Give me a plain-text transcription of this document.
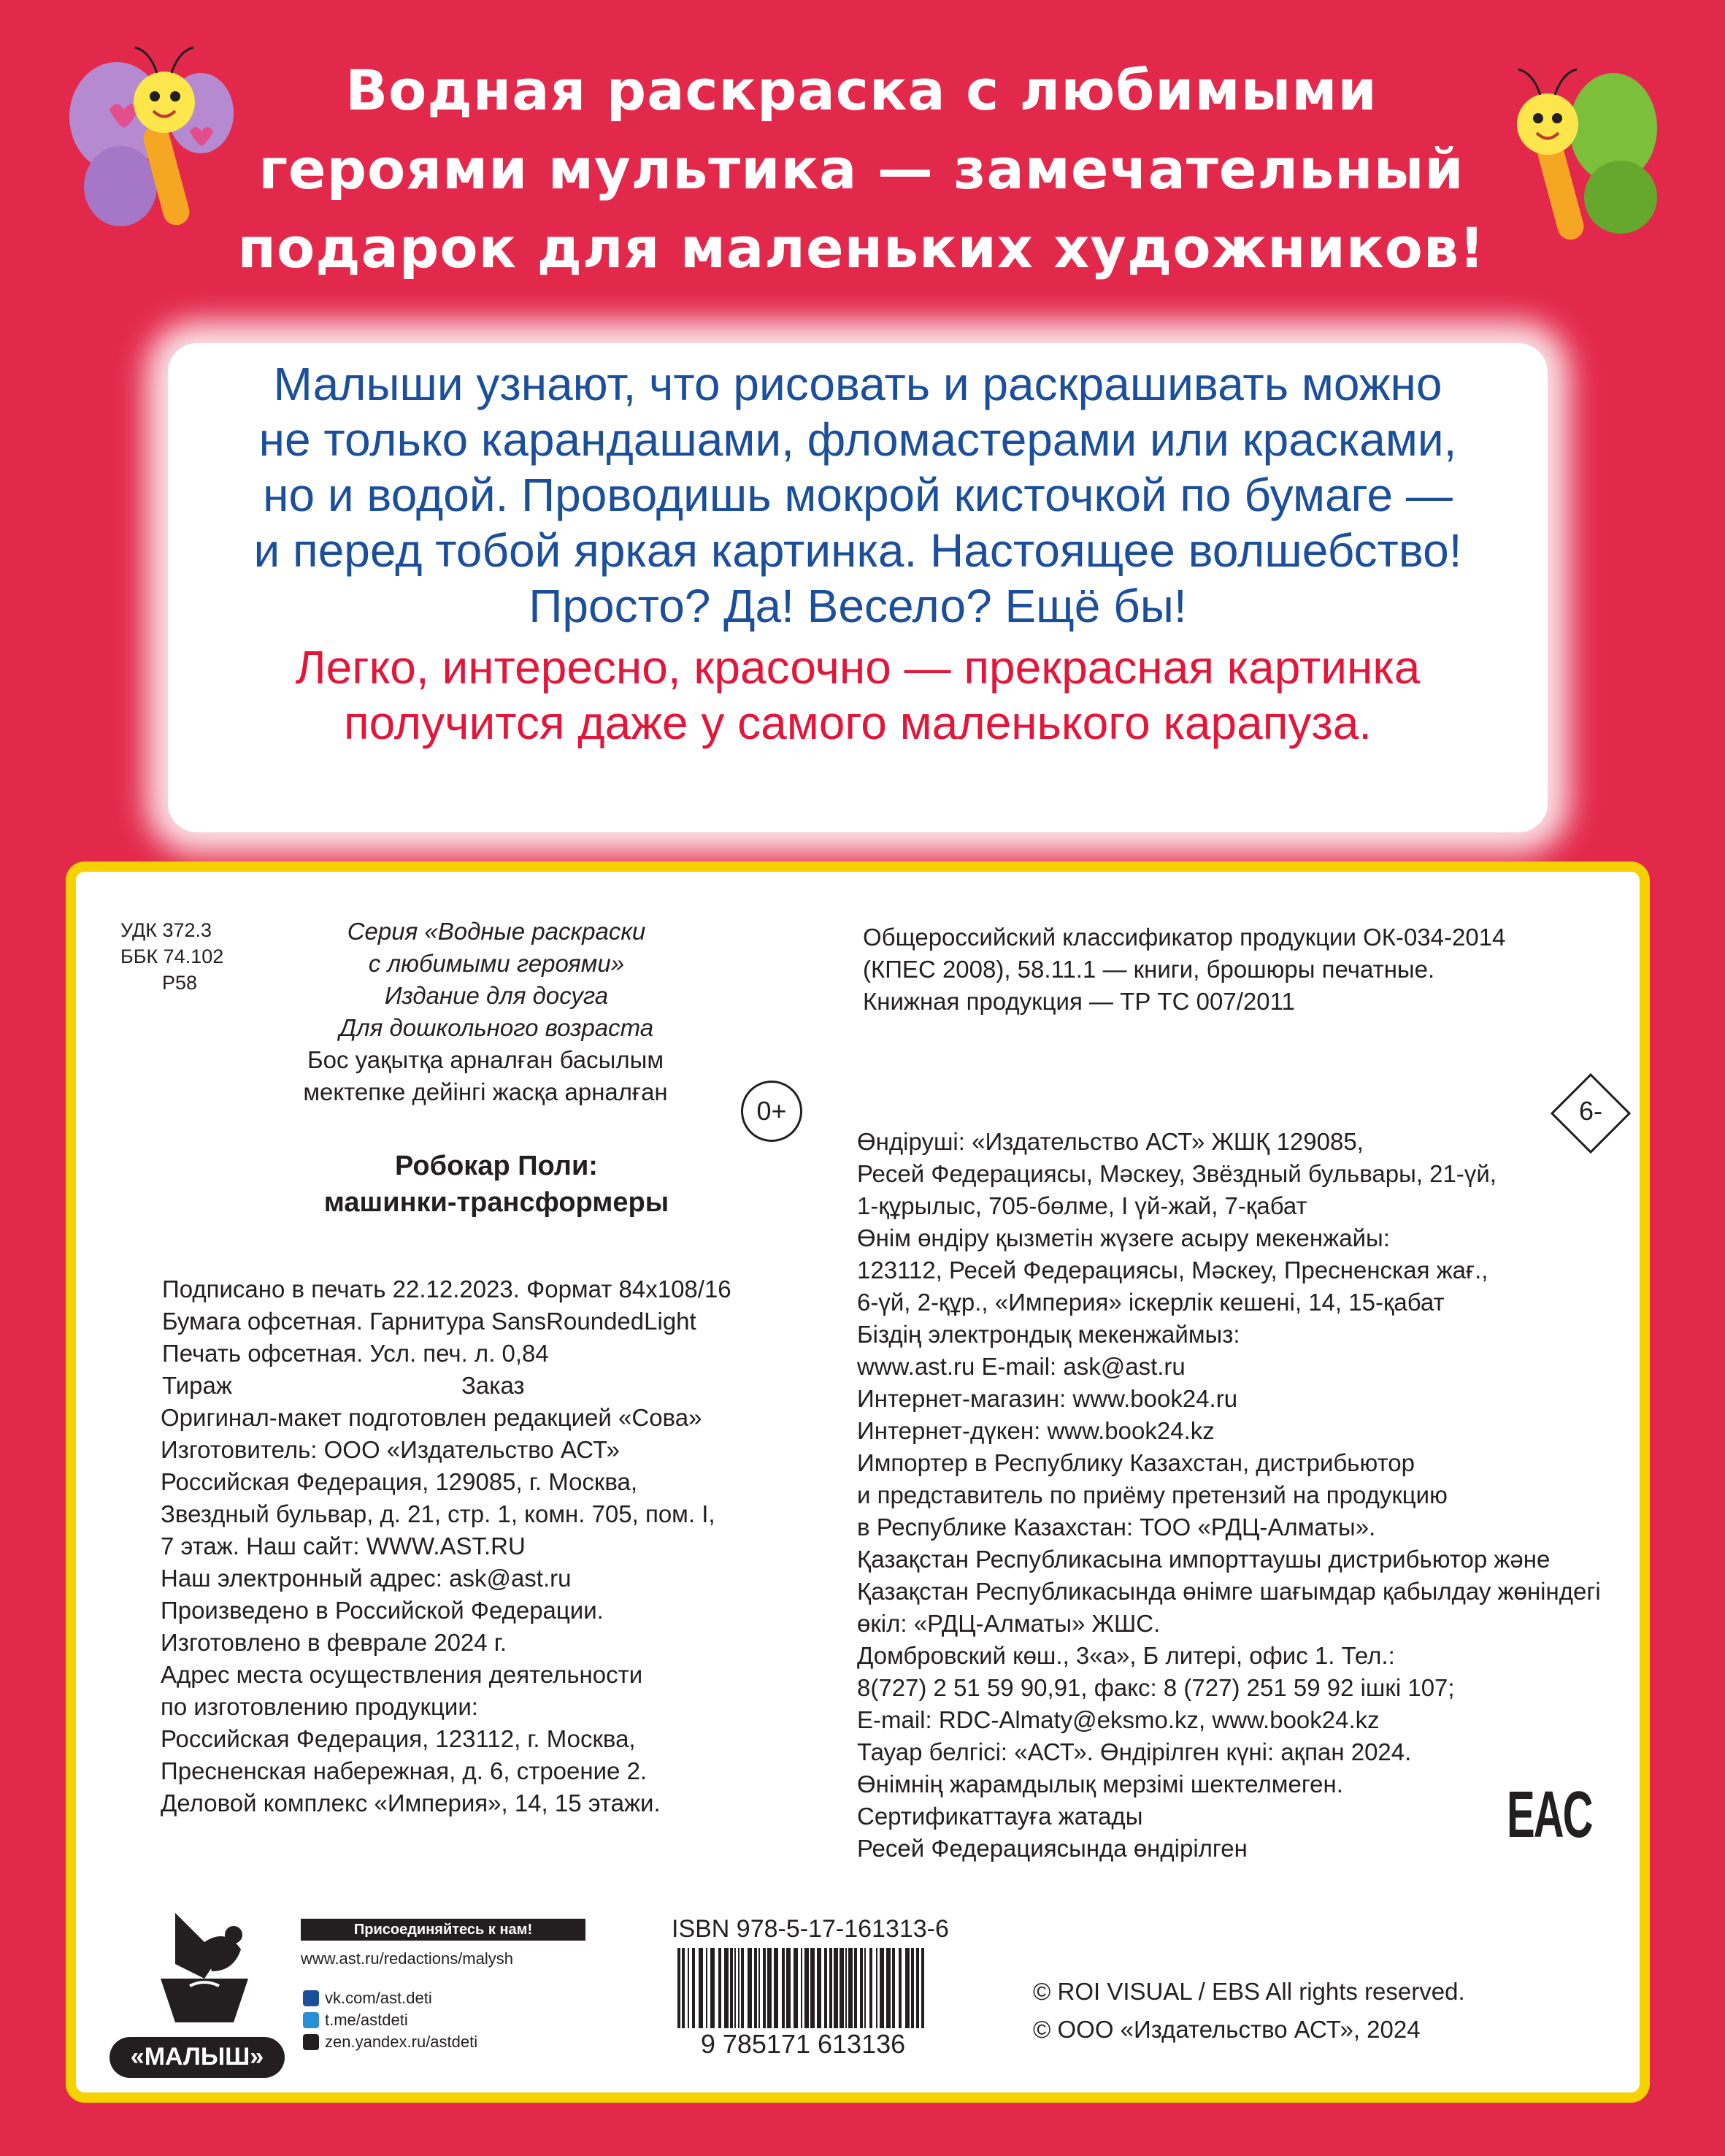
Водная раскраска с любимыми
героями мультика — замечательный
подарок для маленьких художников!
Малыши узнают, что рисовать и раскрашивать можно
не только карандашами, фломастерами или красками,
но и водой. Проводишь мокрой кисточкой по бумаге —
и перед тобой яркая картинка. Настоящее волшебство!
Просто? Да! Весело? Ещё бы!
Легко, интересно, красочно — прекрасная картинка
получится даже у самого маленького карапуза.
УДК 372.3
ББК 74.102
Р58
Серия «Водные раскраски
с любимыми героями»
Издание для досуга
Для дошкольного возраста
Бос уақытқа арналған басылым
мектепке дейінгі жасқа арналған
0+	6-
Общероссийский классификатор продукции ОК-034-2014
(КПЕС 2008), 58.11.1 — книги, брошюры печатные.
Книжная продукция — ТР ТС 007/2011
Робокар Поли:
машинки-трансформеры
Подписано в печать 22.12.2023. Формат 84х108/16
Бумага офсетная. Гарнитура SansRoundedLight
Печать офсетная. Усл. печ. л. 0,84
Тираж	Заказ
Оригинал-макет подготовлен редакцией «Сова»
Изготовитель: ООО «Издательство АСТ»
Российская Федерация, 129085, г. Москва,
Звездный бульвар, д. 21, стр. 1, комн. 705, пом. I,
7 этаж. Наш сайт: WWW.AST.RU
Наш электронный адрес: ask@ast.ru
Произведено в Российской Федерации.
Изготовлено в феврале 2024 г.
Адрес места осуществления деятельности
по изготовлению продукции:
Российская Федерация, 123112, г. Москва,
Пресненская набережная, д. 6, строение 2.
Деловой комплекс «Империя», 14, 15 этажи.
Өндіруші: «Издательство АСТ» ЖШҚ 129085,
Ресей Федерациясы, Мәскеу, Звёздный бульвары, 21-үй,
1-құрылыс, 705-бөлме, I үй-жай, 7-қабат
Өнім өндіру қызметін жүзеге асыру мекенжайы:
123112, Ресей Федерациясы, Мәскеу, Пресненская жағ.,
6-үй, 2-құр., «Империя» іскерлік кешені, 14, 15-қабат
Біздің электрондық мекенжаймыз:
www.ast.ru E-mail: ask@ast.ru
Интернет-магазин: www.book24.ru
Интернет-дүкен: www.book24.kz
Импортер в Республику Казахстан, дистрибьютор
и представитель по приёму претензий на продукцию
в Республике Казахстан: ТОО «РДЦ-Алматы».
Қазақстан Республикасына импорттаушы дистрибьютор және
Қазақстан Республикасында өнімге шағымдар қабылдау жөніндегі
өкіл: «РДЦ-Алматы» ЖШС.
Домбровский көш., 3«а», Б литері, офис 1. Тел.:
8(727) 2 51 59 90,91, факс: 8 (727) 251 59 92 ішкі 107;
E-mail: RDC-Almaty@eksmo.kz, www.book24.kz
Тауар белгісі: «АСТ». Өндірілген күні: ақпан 2024.
Өнімнің жарамдылық мерзімі шектелмеген.
Сертификаттауға жатады
Ресей Федерациясында өндірілген	EAC
«МАЛЫШ»
Присоединяйтесь к нам!
www.ast.ru/redactions/malysh
vk.com/ast.deti
t.me/astdeti
zen.yandex.ru/astdeti
ISBN 978-5-17-161313-6
9 785171 613136
© ROI VISUAL / EBS All rights reserved.
© ООО «Издательство АСТ», 2024
